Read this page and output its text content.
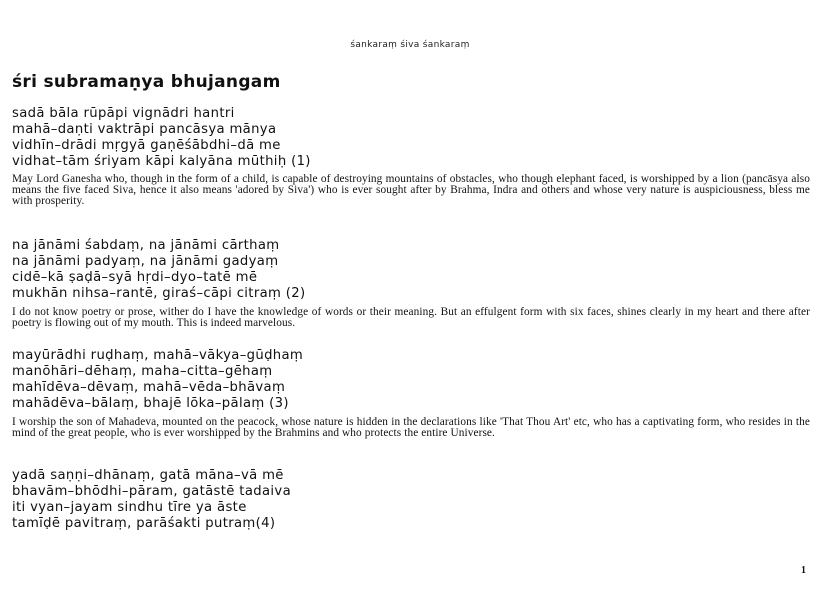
śankaraṃ śiva śankaraṃ
śri subramaṇya bhujangam
sadā bāla rūpāpi vignādri hantri
mahā–daṇti vaktrāpi pancāsya mānya
vidhīn–drādi mṛgyā gaṇēśābdhi–dā me
vidhat–tām śriyam kāpi kalyāna mūthiḥ (1)

May Lord Ganesha who, though in the form of a child, is capable of destroying mountains of obstacles, who though elephant faced, is worshipped by a lion (pancāsya also means the five faced Siva, hence it also means 'adored by Siva') who is ever sought after by Brahma, Indra and others and whose very nature is auspiciousness, bless me with prosperity.

na jānāmi śabdaṃ, na jānāmi cārthaṃ
na jānāmi padyaṃ, na jānāmi gadyaṃ
cidē–kā ṣaḍā–syā hṛdi–dyo–tatē mē
mukhān nihsa–rantē, giraś–cāpi citraṃ (2)

I do not know poetry or prose, wither do I have the knowledge of words or their meaning. But an effulgent form with six faces, shines clearly in my heart and there after poetry is flowing out of my mouth. This is indeed marvelous.

mayūrādhi ruḍhaṃ, mahā–vākya–gūḍhaṃ
manōhāri–dēhaṃ, maha–citta–gēhaṃ
mahīdēva–dēvaṃ, mahā–vēda–bhāvaṃ
mahādēva–bālaṃ, bhajē lōka–pālaṃ (3)

I worship the son of Mahadeva, mounted on the peacock, whose nature is hidden in the declarations like 'That Thou Art' etc, who has a captivating form, who resides in the mind of the great people, who is ever worshipped by the Brahmins and who protects the entire Universe.

yadā saṇṇi–dhānaṃ, gatā māna–vā mē
bhavām–bhōdhi–pāram, gatāstē tadaiva
iti vyan–jayam sindhu tīre ya āste
tamīḍē pavitraṃ, parāśakti putraṃ(4)
1
